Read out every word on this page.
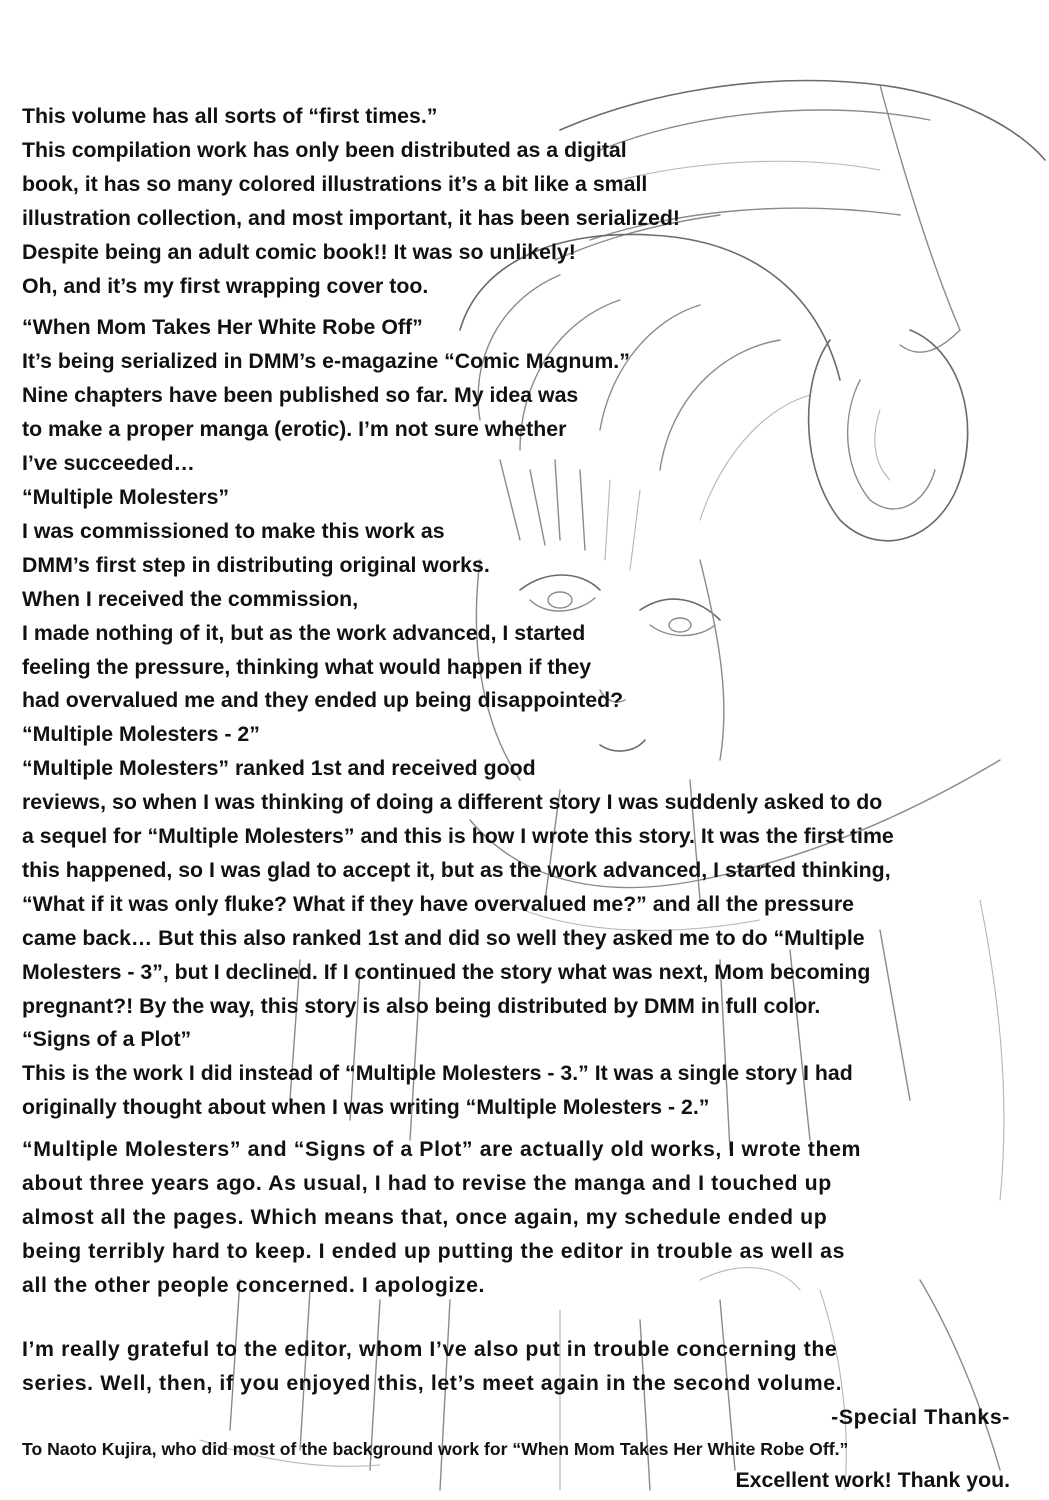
This volume has all sorts of “first times.”

This compilation work has only been distributed as a digital

book, it has so many colored illustrations it’s a bit like a small

illustration collection, and most important, it has been serialized!

Despite being an adult comic book!! It was so unlikely!

Oh, and it’s my first wrapping cover too.

“When Mom Takes Her White Robe Off”

It’s being serialized in DMM’s e-magazine “Comic Magnum.”

Nine chapters have been published so far. My idea was

to make a proper manga (erotic). I’m not sure whether

I’ve succeeded…

“Multiple Molesters”

I was commissioned to make this work as

DMM’s first step in distributing original works.

When I received the commission,

I made nothing of it, but as the work advanced, I started

feeling the pressure, thinking what would happen if they

had overvalued me and they ended up being disappointed?

“Multiple Molesters - 2”

“Multiple Molesters” ranked 1st and received good

reviews, so when I was thinking of doing a different story I was suddenly asked to do

a sequel for “Multiple Molesters” and this is how I wrote this story. It was the first time

this happened, so I was glad to accept it, but as the work advanced, I started thinking,

“What if it was only fluke? What if they have overvalued me?” and all the pressure

came back… But this also ranked 1st and did so well they asked me to do “Multiple

Molesters - 3”, but I declined. If I continued the story what was next, Mom becoming

pregnant?! By the way, this story is also being distributed by DMM in full color.

“Signs of a Plot”

This is the work I did instead of “Multiple Molesters - 3.” It was a single story I had

originally thought about when I was writing “Multiple Molesters - 2.”

“Multiple Molesters” and “Signs of a Plot” are actually old works, I wrote them

about three years ago. As usual, I had to revise the manga and I touched up

almost all the pages. Which means that, once again, my schedule ended up

being terribly hard to keep. I ended up putting the editor in trouble as well as

all the other people concerned. I apologize.

I’m really grateful to the editor, whom I’ve also put in trouble concerning the

series. Well, then, if you enjoyed this, let’s meet again in the second volume.

-Special Thanks-

To Naoto Kujira, who did most of the background work for “When Mom Takes Her White Robe Off.”

Excellent work! Thank you.
